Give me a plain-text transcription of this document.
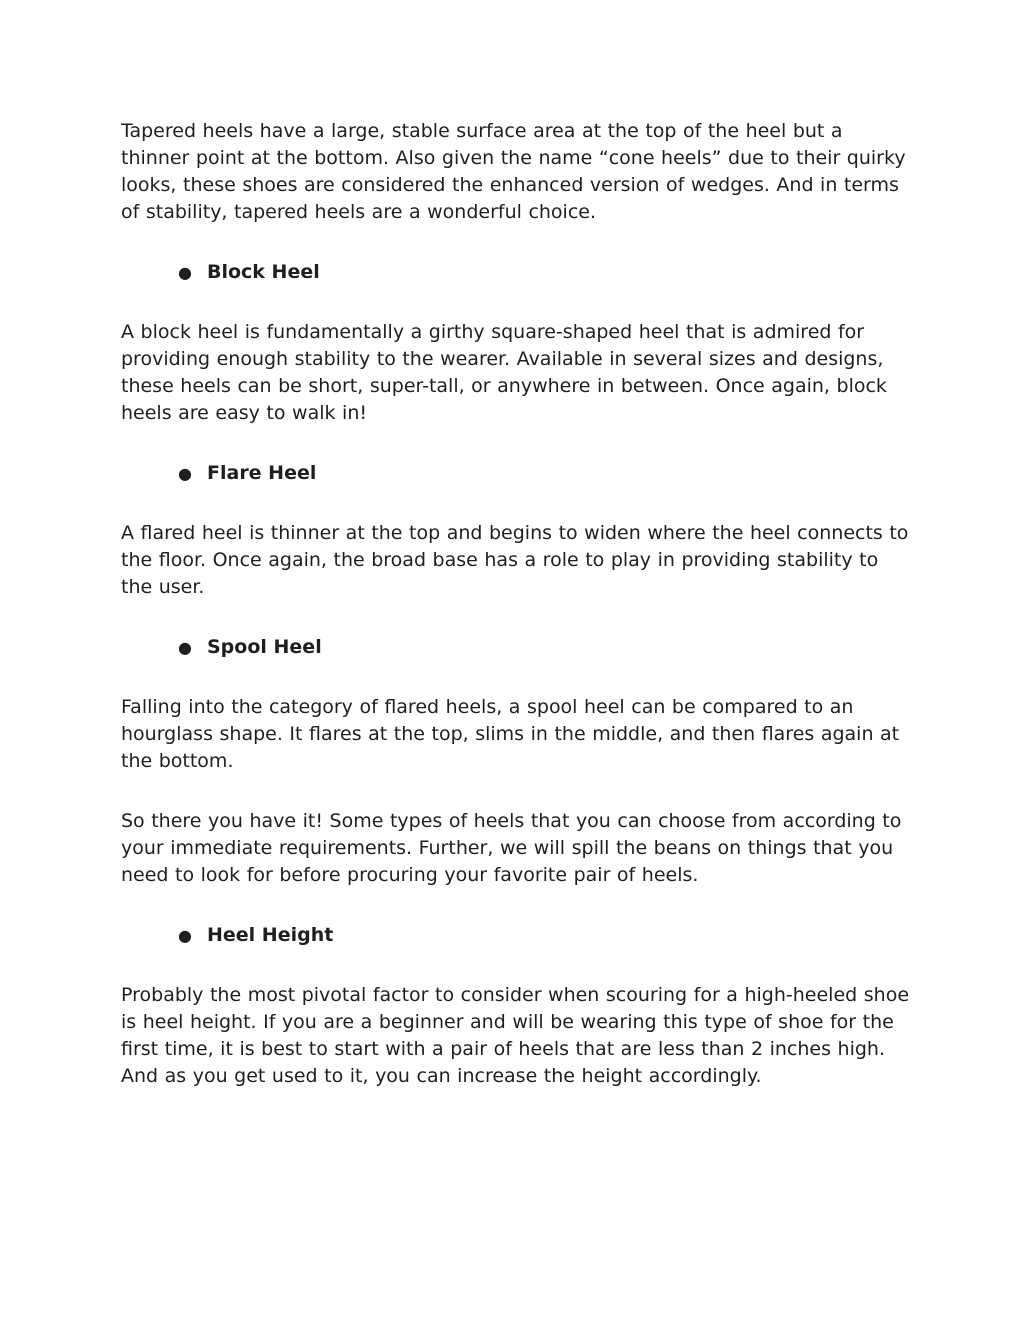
Tapered heels have a large, stable surface area at the top of the heel but a thinner point at the bottom. Also given the name “cone heels” due to their quirky looks, these shoes are considered the enhanced version of wedges. And in terms of stability, tapered heels are a wonderful choice.

● Block Heel

A block heel is fundamentally a girthy square-shaped heel that is admired for providing enough stability to the wearer. Available in several sizes and designs, these heels can be short, super-tall, or anywhere in between. Once again, block heels are easy to walk in!

● Flare Heel

A flared heel is thinner at the top and begins to widen where the heel connects to the floor. Once again, the broad base has a role to play in providing stability to the user.

● Spool Heel

Falling into the category of flared heels, a spool heel can be compared to an hourglass shape. It flares at the top, slims in the middle, and then flares again at the bottom.

So there you have it! Some types of heels that you can choose from according to your immediate requirements. Further, we will spill the beans on things that you need to look for before procuring your favorite pair of heels.

● Heel Height

Probably the most pivotal factor to consider when scouring for a high-heeled shoe is heel height. If you are a beginner and will be wearing this type of shoe for the first time, it is best to start with a pair of heels that are less than 2 inches high. And as you get used to it, you can increase the height accordingly.
